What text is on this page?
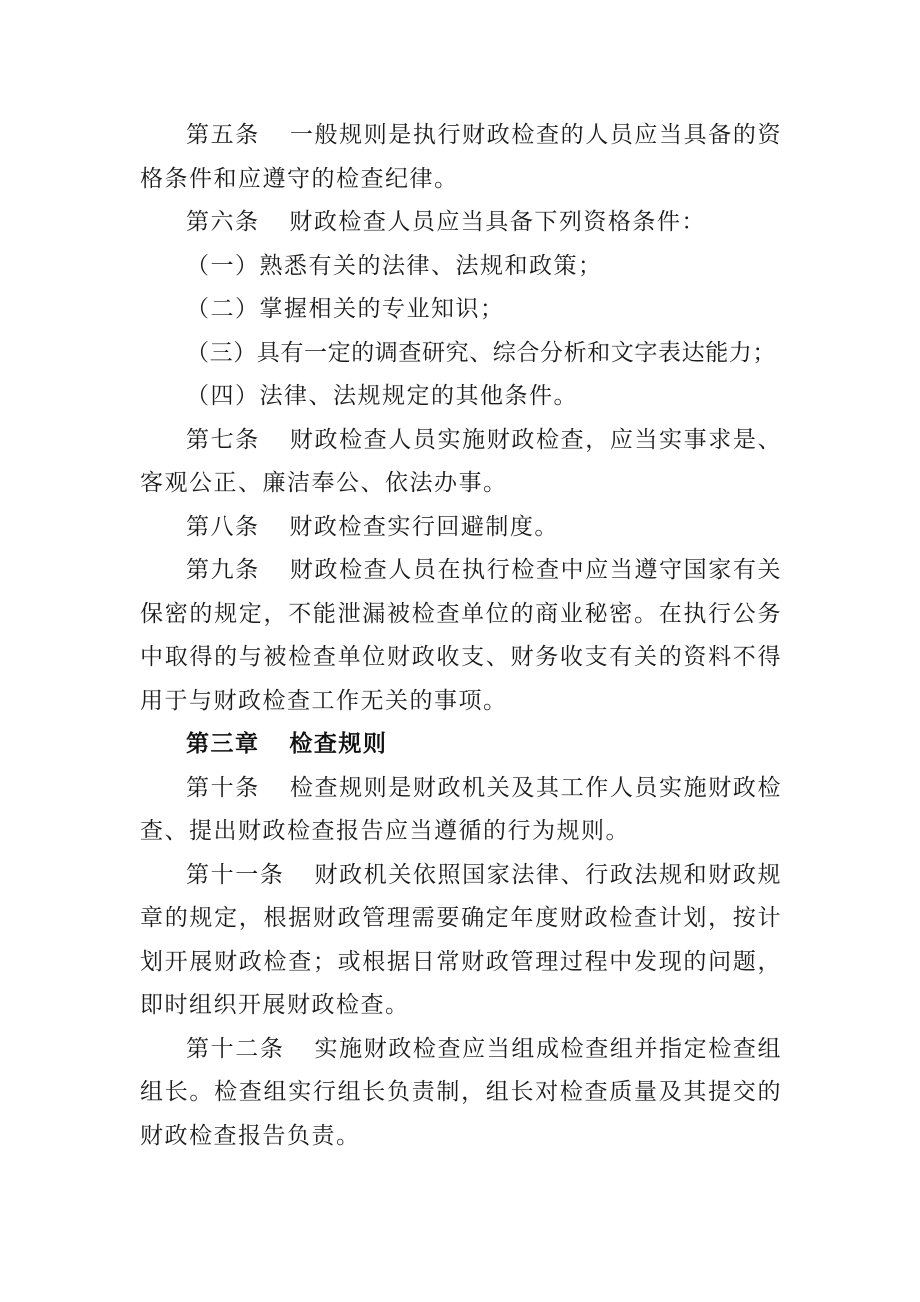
第五条 一般规则是执行财政检查的人员应当具备的资格条件和应遵守的检查纪律。

第六条 财政检查人员应当具备下列资格条件：

（一）熟悉有关的法律、法规和政策；

（二）掌握相关的专业知识；

（三）具有一定的调查研究、综合分析和文字表达能力；

（四）法律、法规规定的其他条件。

第七条 财政检查人员实施财政检查，应当实事求是、客观公正、廉洁奉公、依法办事。

第八条 财政检查实行回避制度。

第九条 财政检查人员在执行检查中应当遵守国家有关保密的规定，不能泄漏被检查单位的商业秘密。在执行公务中取得的与被检查单位财政收支、财务收支有关的资料不得用于与财政检查工作无关的事项。

第三章 检查规则

第十条 检查规则是财政机关及其工作人员实施财政检查、提出财政检查报告应当遵循的行为规则。

第十一条 财政机关依照国家法律、行政法规和财政规章的规定，根据财政管理需要确定年度财政检查计划，按计划开展财政检查；或根据日常财政管理过程中发现的问题，即时组织开展财政检查。

第十二条 实施财政检查应当组成检查组并指定检查组组长。检查组实行组长负责制，组长对检查质量及其提交的财政检查报告负责。
